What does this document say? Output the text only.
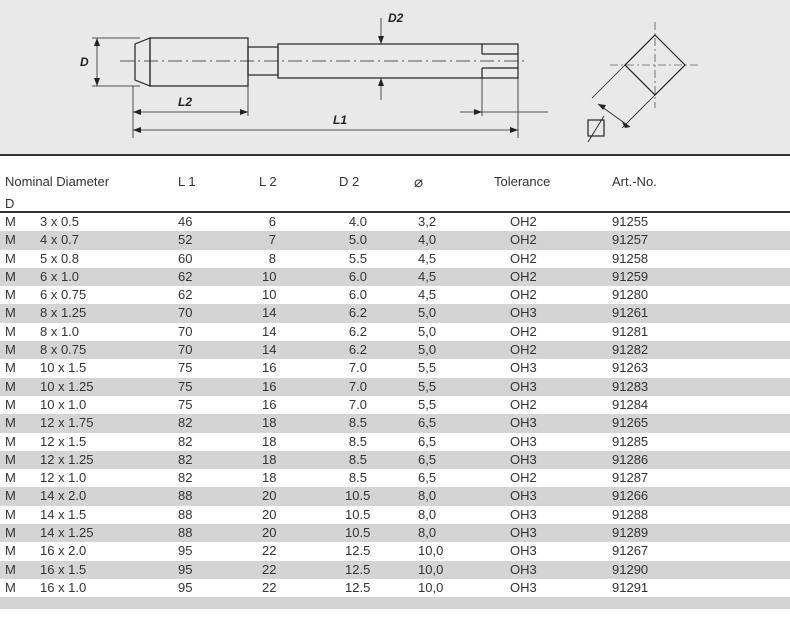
D
D2
L2
L1
Nominal Diameter
D
L 1	L 2	D 2	⌀	Tolerance	Art.-No.
M 3 x 0.5	46	6	4.0	3,2	OH2	91255
M 4 x 0.7	52	7	5.0	4,0	OH2	91257
M 5 x 0.8	60	8	5.5	4,5	OH2	91258
M 6 x 1.0	62	10	6.0	4,5	OH2	91259
M 6 x 0.75	62	10	6.0	4,5	OH2	91280
M 8 x 1.25	70	14	6.2	5,0	OH3	91261
M 8 x 1.0	70	14	6.2	5,0	OH2	91281
M 8 x 0.75	70	14	6.2	5,0	OH2	91282
M 10 x 1.5	75	16	7.0	5,5	OH3	91263
M 10 x 1.25	75	16	7.0	5,5	OH3	91283
M 10 x 1.0	75	16	7.0	5,5	OH2	91284
M 12 x 1.75	82	18	8.5	6,5	OH3	91265
M 12 x 1.5	82	18	8.5	6,5	OH3	91285
M 12 x 1.25	82	18	8.5	6,5	OH3	91286
M 12 x 1.0	82	18	8.5	6,5	OH2	91287
M 14 x 2.0	88	20	10.5	8,0	OH3	91266
M 14 x 1.5	88	20	10.5	8,0	OH3	91288
M 14 x 1.25	88	20	10.5	8,0	OH3	91289
M 16 x 2.0	95	22	12.5	10,0	OH3	91267
M 16 x 1.5	95	22	12.5	10,0	OH3	91290
M 16 x 1.0	95	22	12.5	10,0	OH3	91291
